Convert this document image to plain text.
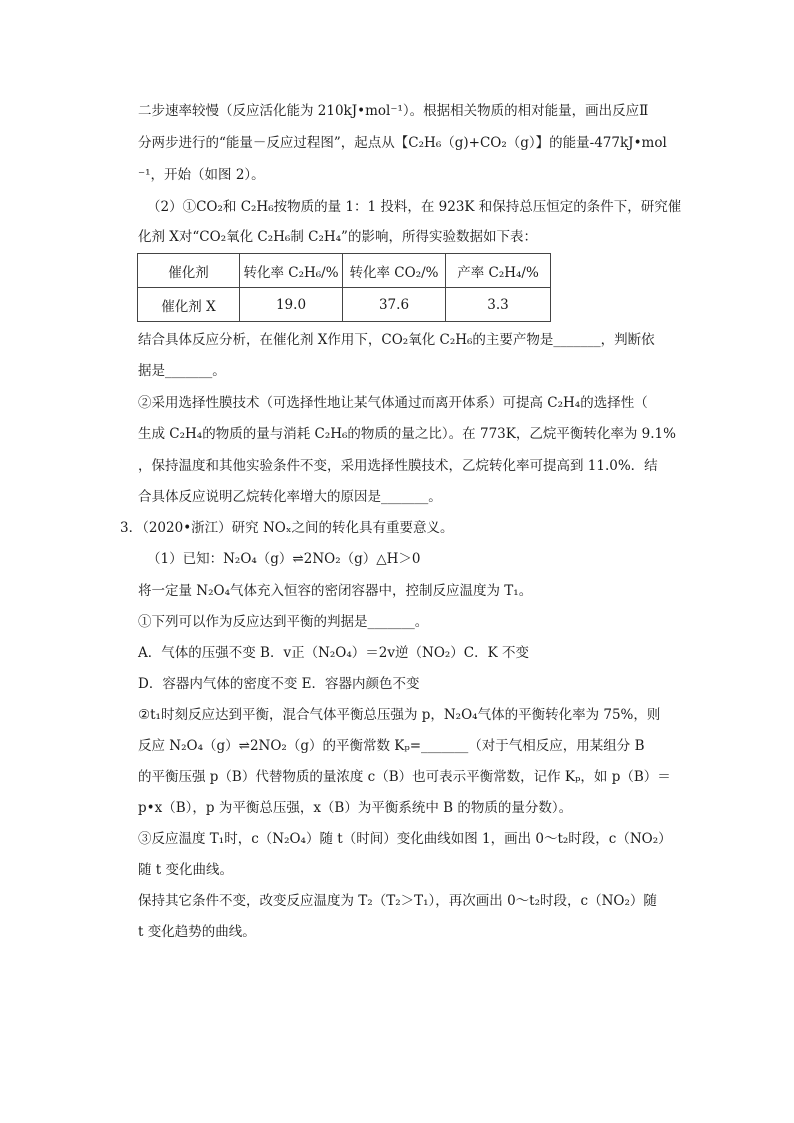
二步速率较慢（反应活化能为 210kJ•mol⁻¹）。根据相关物质的相对能量，画出反应Ⅱ
分两步进行的“能量－反应过程图”，起点从【C₂H₆（g)+CO₂（g）】的能量-477kJ•mol
⁻¹，开始（如图 2）。
（2）①CO₂和 C₂H₆按物质的量 1：1 投料，在 923K 和保持总压恒定的条件下，研究催
化剂 X对“CO₂氧化 C₂H₆制 C₂H₄”的影响，所得实验数据如下表：
催化剂	转化率 C₂H₆/%	转化率 CO₂/%	产率 C₂H₄/%
催化剂 X	19.0	37.6	3.3
结合具体反应分析，在催化剂 X作用下，CO₂氧化 C₂H₆的主要产物是_______，判断依
据是_______。
②采用选择性膜技术（可选择性地让某气体通过而离开体系）可提高 C₂H₄的选择性（
生成 C₂H₄的物质的量与消耗 C₂H₆的物质的量之比）。在 773K，乙烷平衡转化率为 9.1%
，保持温度和其他实验条件不变，采用选择性膜技术，乙烷转化率可提高到 11.0%．结
合具体反应说明乙烷转化率增大的原因是_______。
3．（2020•浙江）研究 NOₓ之间的转化具有重要意义。
（1）已知：N₂O₄（g）⇌2NO₂（g）△H＞0
将一定量 N₂O₄气体充入恒容的密闭容器中，控制反应温度为 T₁。
①下列可以作为反应达到平衡的判据是_______。
A．气体的压强不变 B．v正（N₂O₄）＝2v逆（NO₂）C．K 不变
D．容器内气体的密度不变 E．容器内颜色不变
②t₁时刻反应达到平衡，混合气体平衡总压强为 p，N₂O₄气体的平衡转化率为 75%，则
反应 N₂O₄（g）⇌2NO₂（g）的平衡常数 Kₚ=_______（对于气相反应，用某组分 B
的平衡压强 p（B）代替物质的量浓度 c（B）也可表示平衡常数，记作 Kₚ，如 p（B）＝
p•x（B），p 为平衡总压强，x（B）为平衡系统中 B 的物质的量分数）。
③反应温度 T₁时，c（N₂O₄）随 t（时间）变化曲线如图 1，画出 0～t₂时段，c（NO₂）
随 t 变化曲线。
保持其它条件不变，改变反应温度为 T₂（T₂＞T₁），再次画出 0～t₂时段，c（NO₂）随
t 变化趋势的曲线。
